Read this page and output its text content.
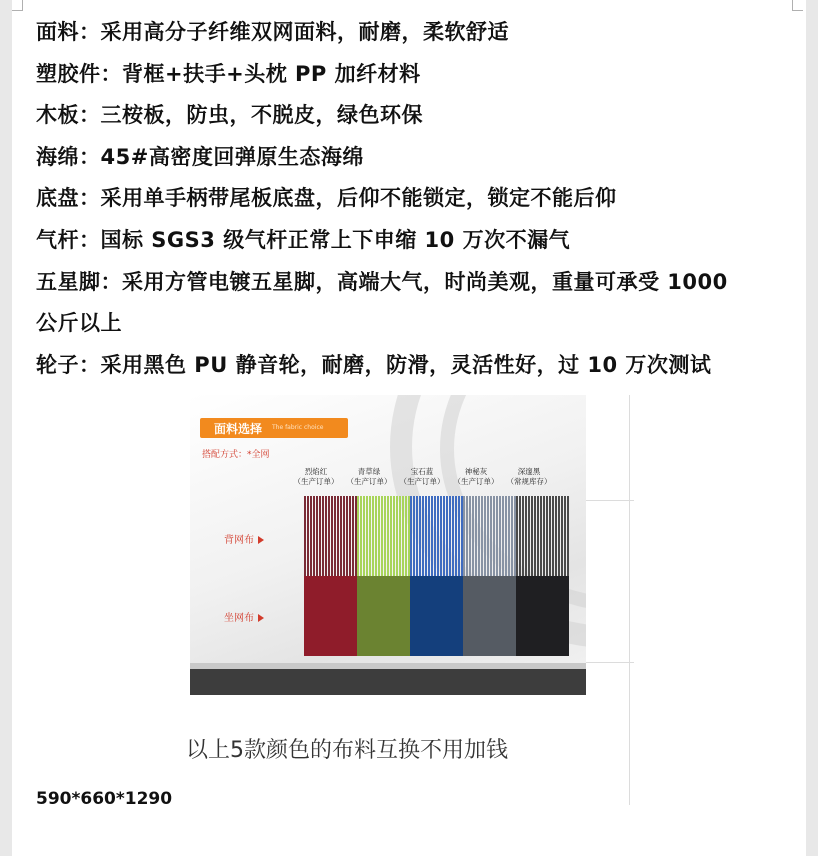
面料：采用高分子纤维双网面料，耐磨，柔软舒适
塑胶件：背框+扶手+头枕 PP 加纤材料
木板：三桉板，防虫，不脱皮，绿色环保
海绵：45#高密度回弹原生态海绵
底盘：采用单手柄带尾板底盘，后仰不能锁定，锁定不能后仰
气杆：国标 SGS3 级气杆正常上下申缩 10 万次不漏气
五星脚：采用方管电镀五星脚，高端大气，时尚美观，重量可承受 1000
公斤以上
轮子：采用黑色 PU 静音轮，耐磨，防滑，灵活性好，过 10 万次测试
面料选择 The fabric choice
搭配方式：*全网
烈焰红
（生产订单）
青草绿
（生产订单）
宝石蓝
（生产订单）
神秘灰
（生产订单）
深邃黑
（常规库存）
背网布
坐网布
以上5款颜色的布料互换不用加钱
590*660*1290
